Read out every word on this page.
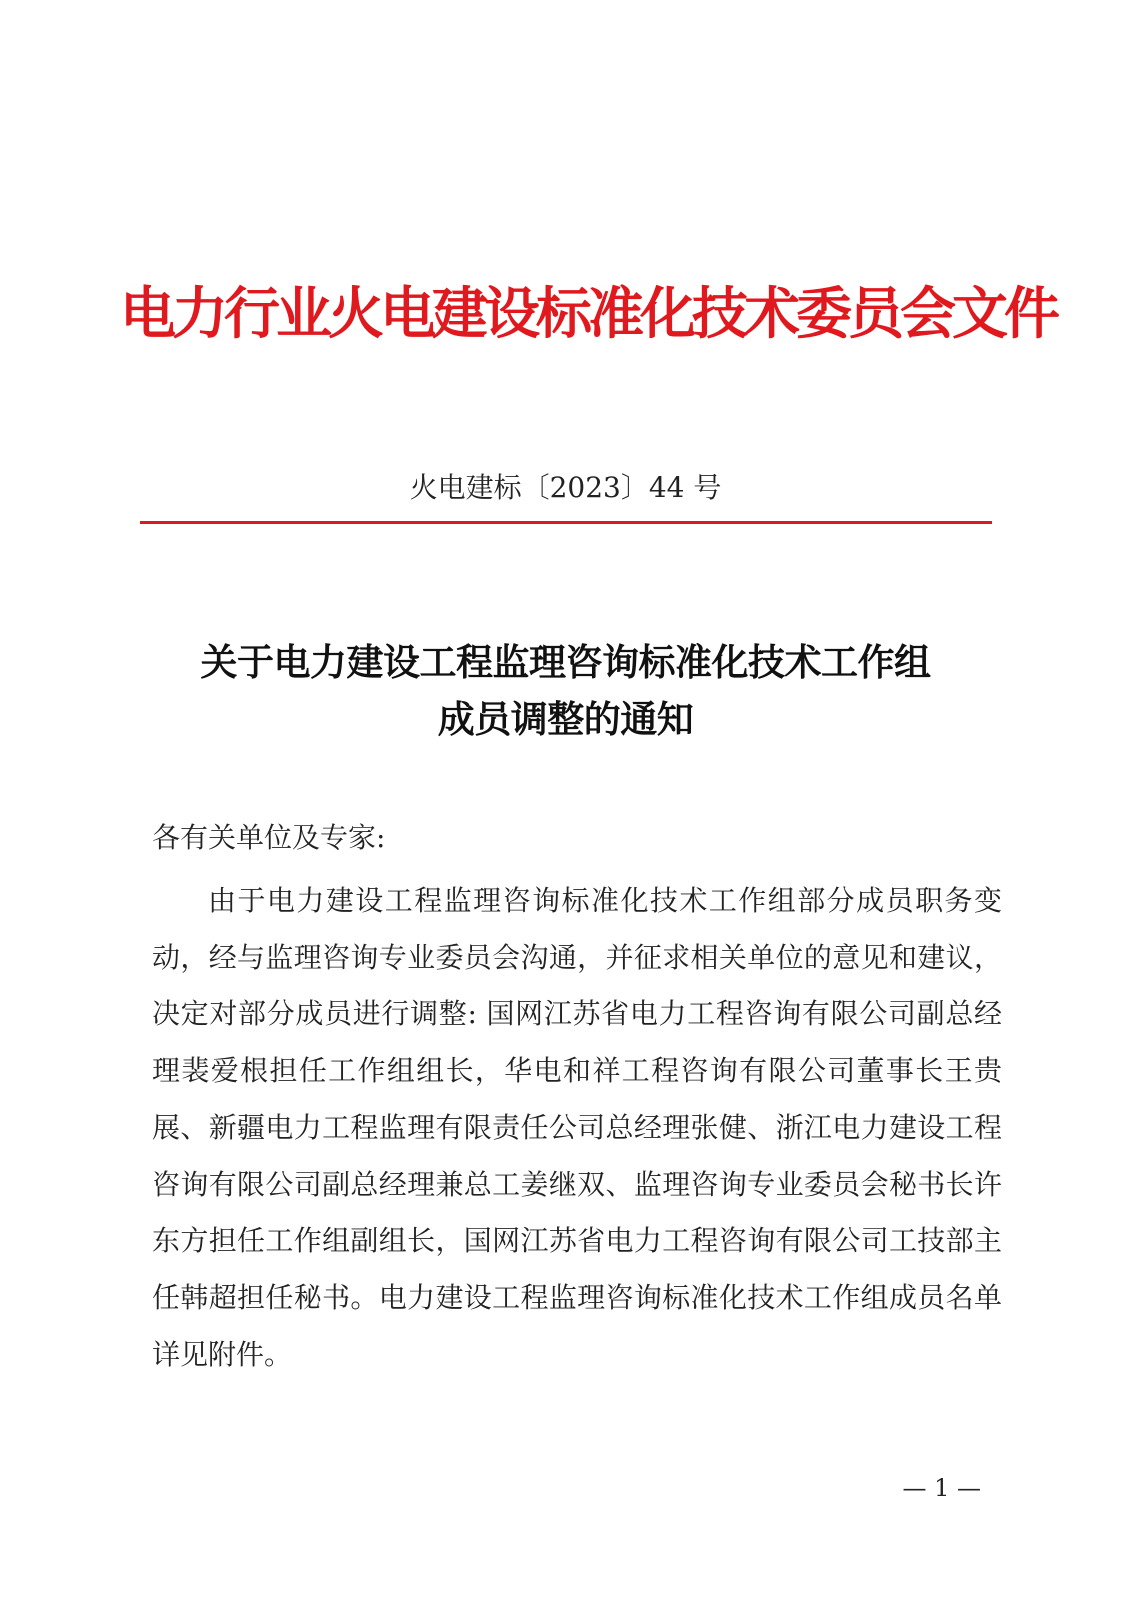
电力行业火电建设标准化技术委员会文件
火电建标〔2023〕44 号
关于电力建设工程监理咨询标准化技术工作组
成员调整的通知
各有关单位及专家:

由于电力建设工程监理咨询标准化技术工作组部分成员职务变动，经与监理咨询专业委员会沟通，并征求相关单位的意见和建议，决定对部分成员进行调整: 国网江苏省电力工程咨询有限公司副总经理裴爱根担任工作组组长，华电和祥工程咨询有限公司董事长王贵展、新疆电力工程监理有限责任公司总经理张健、浙江电力建设工程咨询有限公司副总经理兼总工姜继双、监理咨询专业委员会秘书长许东方担任工作组副组长，国网江苏省电力工程咨询有限公司工技部主任韩超担任秘书。电力建设工程监理咨询标准化技术工作组成员名单详见附件。

— 1 —
